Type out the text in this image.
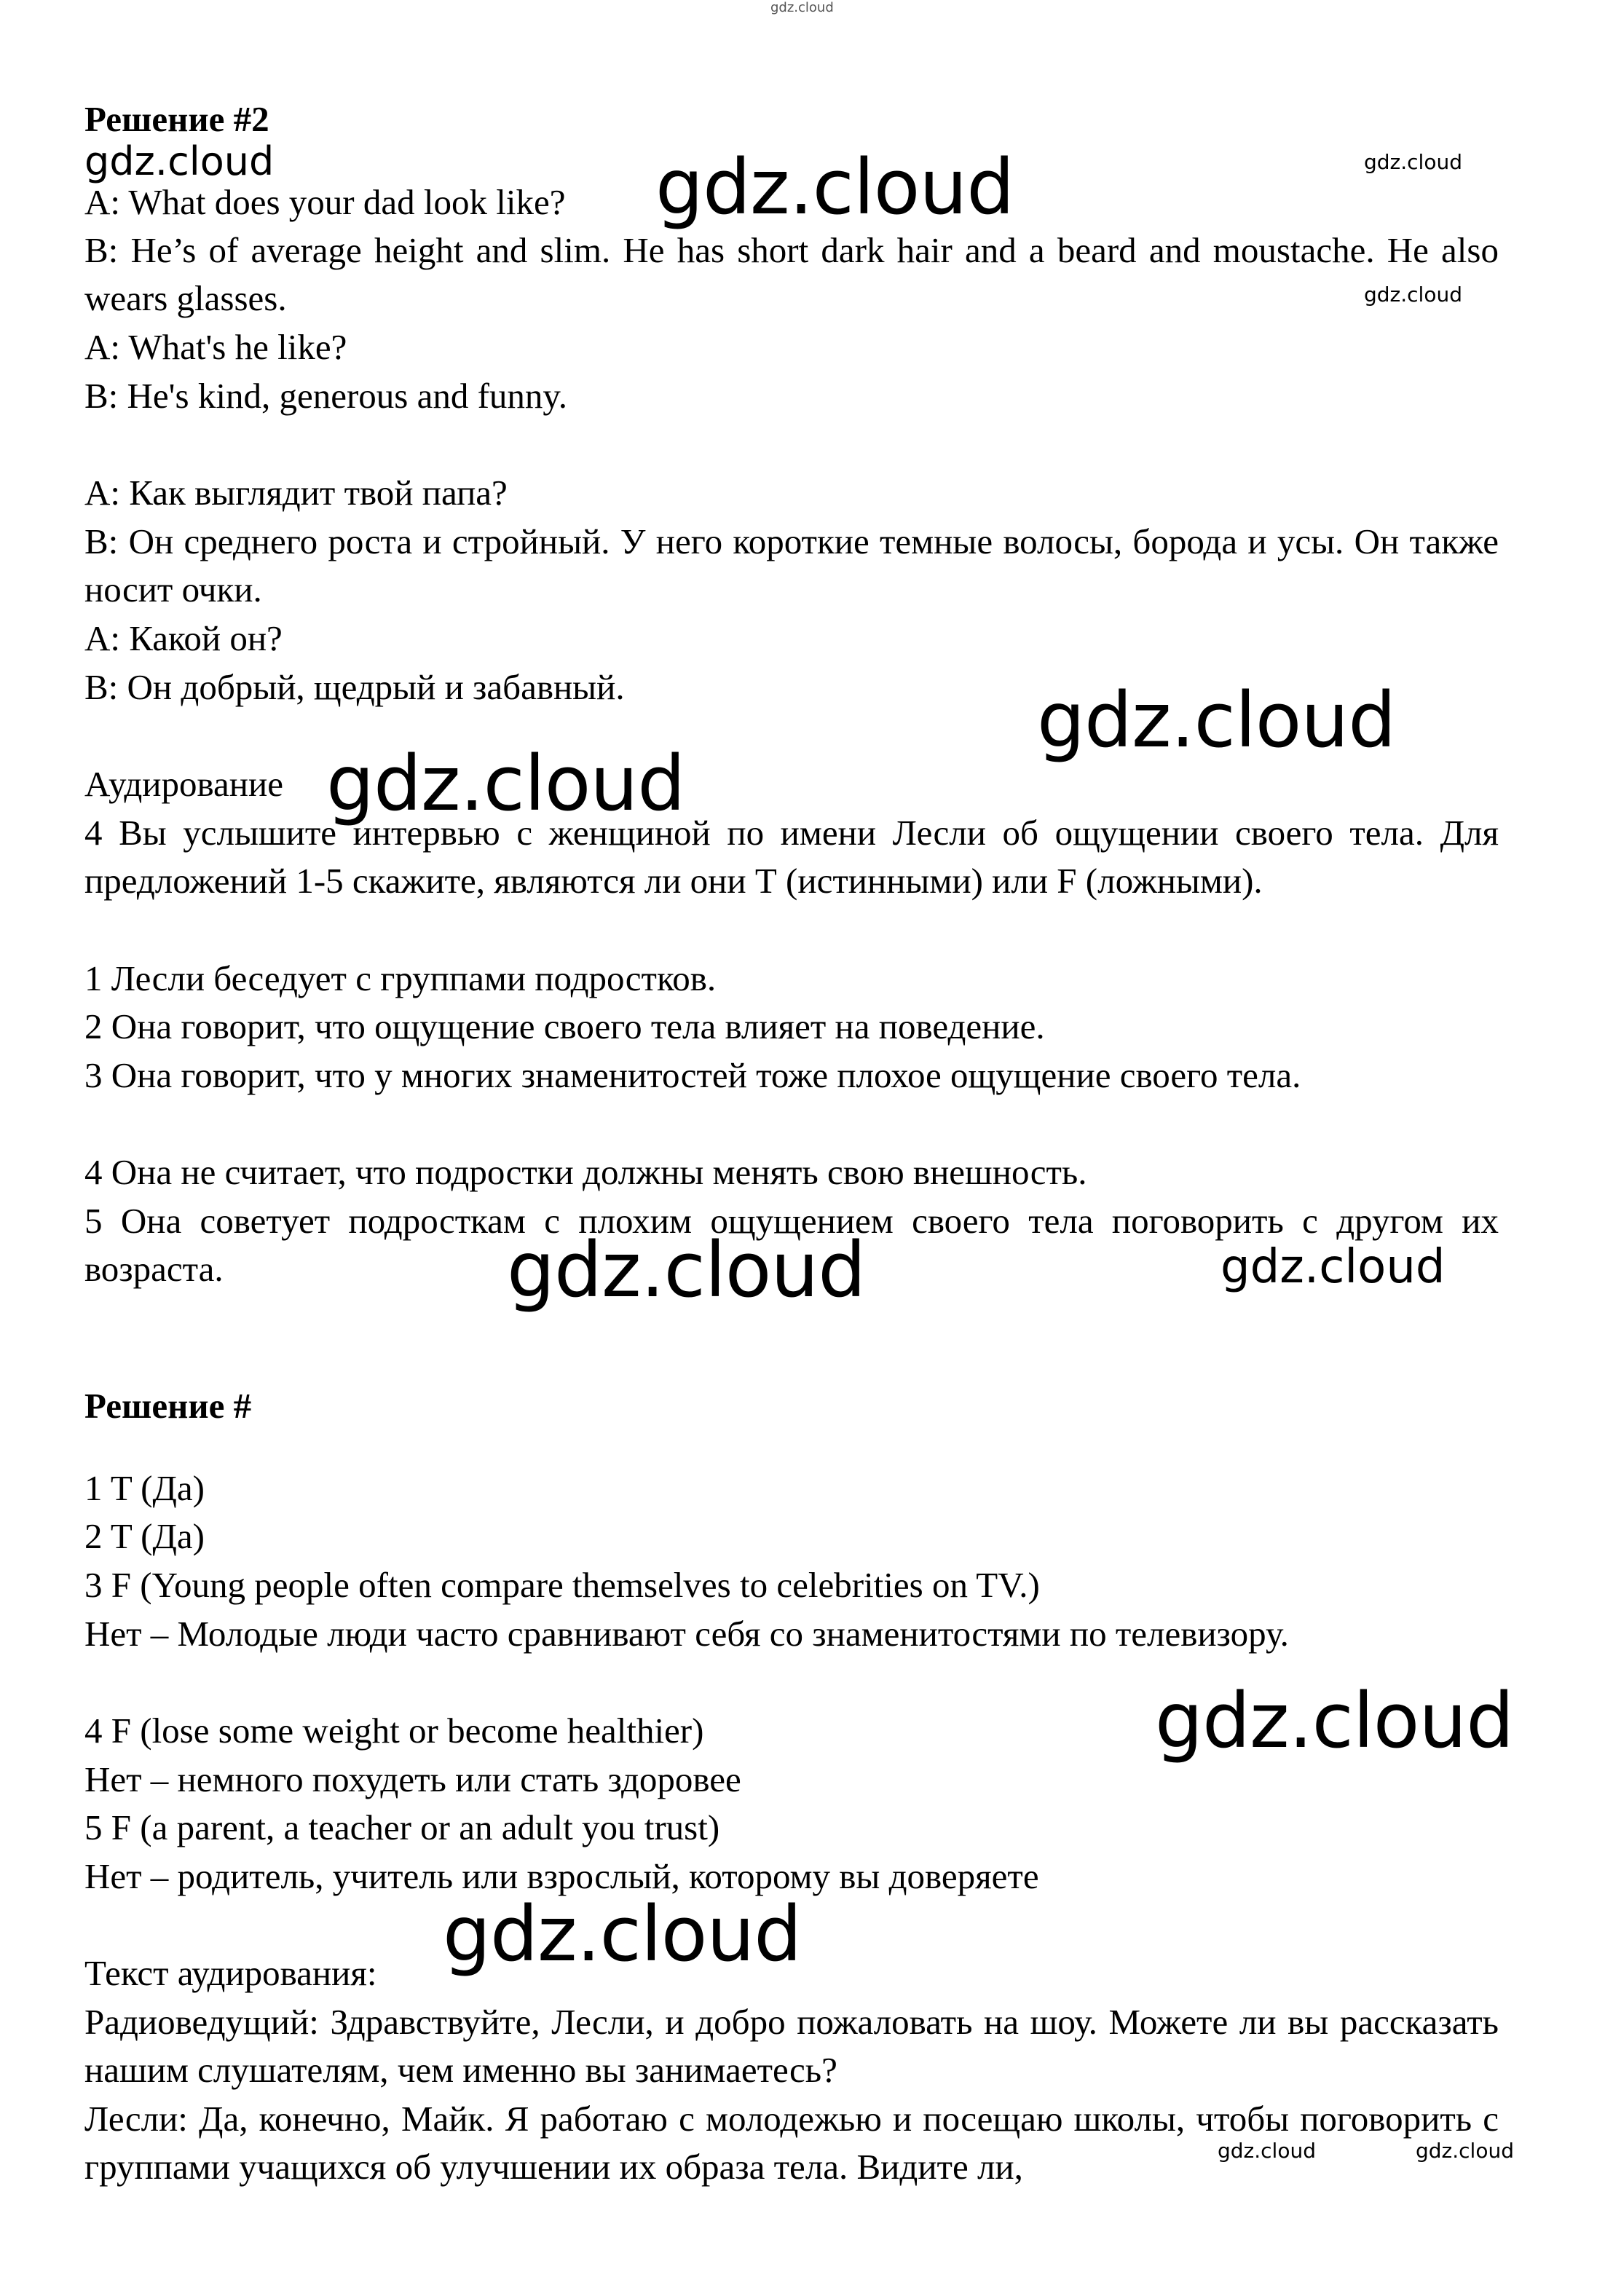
gdz.cloud
gdz.cloud	gdz.cloud	gdz.cloud
gdz.cloud
gdz.cloud
gdz.cloud
gdz.cloud	gdz.cloud
gdz.cloud
gdz.cloud
gdz.cloud	gdz.cloud
Решение #2
A: What does your dad look like?
B: He’s of average height and slim. He has short dark hair and a beard and moustache. He also wears glasses.
A: What's he like?
B: He's kind, generous and funny.
А: Как выглядит твой папа?
В: Он среднего роста и стройный. У него короткие темные волосы, борода и усы. Он также носит очки.
А: Какой он?
В: Он добрый, щедрый и забавный.
Аудирование
4 Вы услышите интервью с женщиной по имени Лесли об ощущении своего тела. Для предложений 1-5 скажите, являются ли они Т (истинными) или F (ложными).
1 Лесли беседует с группами подростков.
2 Она говорит, что ощущение своего тела влияет на поведение.
3 Она говорит, что у многих знаменитостей тоже плохое ощущение своего тела.
4 Она не считает, что подростки должны менять свою внешность.
5 Она советует подросткам с плохим ощущением своего тела поговорить с другом их возраста.
Решение #
1 T (Да)
2 T (Да)
3 F (Young people often compare themselves to celebrities on TV.)
Нет – Молодые люди часто сравнивают себя со знаменитостями по телевизору.
4 F (lose some weight or become healthier)
Нет – немного похудеть или стать здоровее
5 F (a parent, a teacher or an adult you trust)
Нет – родитель, учитель или взрослый, которому вы доверяете
Текст аудирования:
Радиоведущий: Здравствуйте, Лесли, и добро пожаловать на шоу. Можете ли вы рассказать нашим слушателям, чем именно вы занимаетесь?
Лесли: Да, конечно, Майк. Я работаю с молодежью и посещаю школы, чтобы поговорить с группами учащихся об улучшении их образа тела. Видите ли,
